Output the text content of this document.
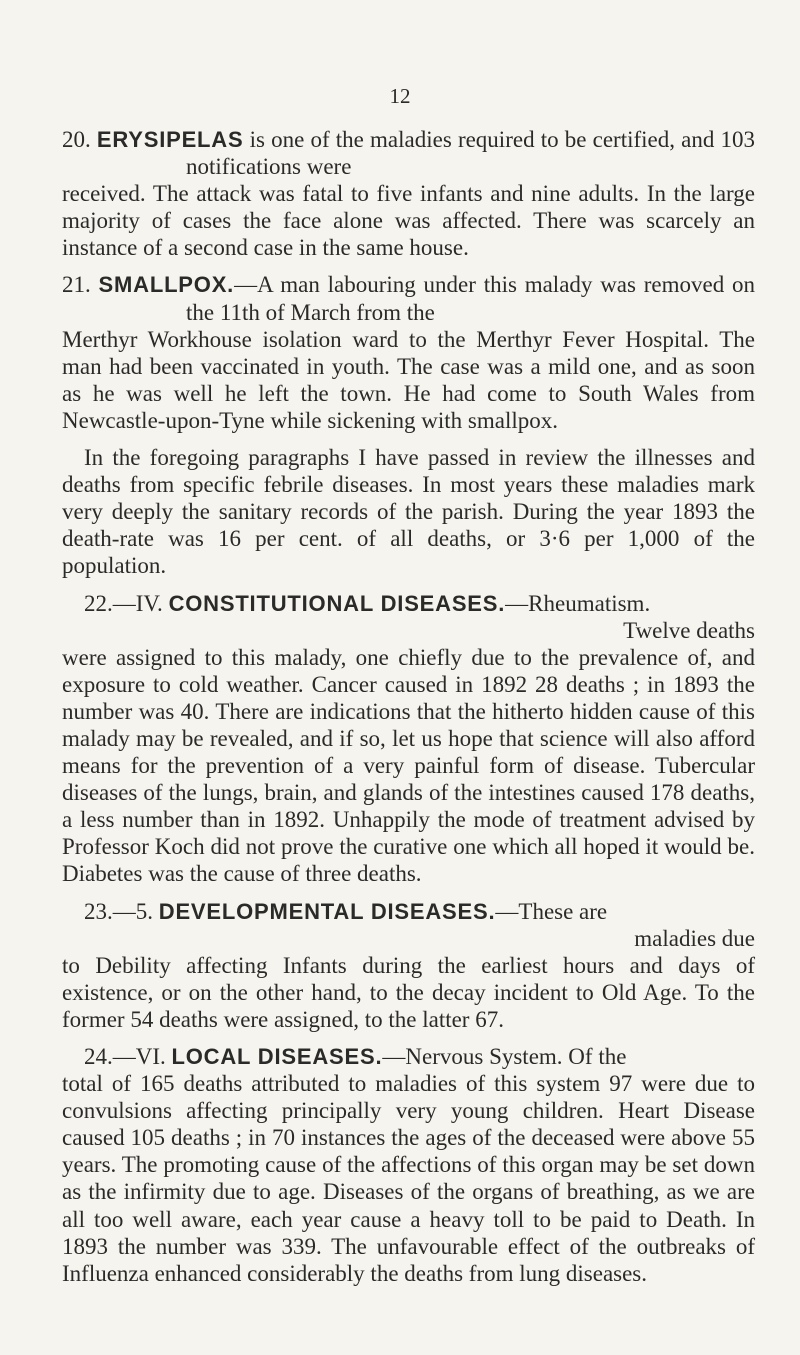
12

20. ERYSIPELAS is one of the maladies required to be certified, and 103 notifications were
received. The attack was fatal to five infants and nine adults. In the large majority of cases the face alone was affected. There was scarcely an instance of a second case in the same house.

21. SMALLPOX.—A man labouring under this malady was removed on the 11th of March from the
Merthyr Workhouse isolation ward to the Merthyr Fever Hospital. The man had been vaccinated in youth. The case was a mild one, and as soon as he was well he left the town. He had come to South Wales from Newcastle-upon-Tyne while sickening with smallpox.

In the foregoing paragraphs I have passed in review the illnesses and deaths from specific febrile diseases. In most years these maladies mark very deeply the sanitary records of the parish. During the year 1893 the death-rate was 16 per cent. of all deaths, or 3·6 per 1,000 of the population.

22.—IV. CONSTITUTIONAL DISEASES.—Rheumatism.
Twelve deaths
were assigned to this malady, one chiefly due to the prevalence of, and exposure to cold weather. Cancer caused in 1892 28 deaths ; in 1893 the number was 40. There are indications that the hitherto hidden cause of this malady may be revealed, and if so, let us hope that science will also afford means for the prevention of a very painful form of disease. Tubercular diseases of the lungs, brain, and glands of the intestines caused 178 deaths, a less number than in 1892. Unhappily the mode of treatment advised by Professor Koch did not prove the curative one which all hoped it would be. Diabetes was the cause of three deaths.

23.—5. DEVELOPMENTAL DISEASES.—These are
maladies due
to Debility affecting Infants during the earliest hours and days of existence, or on the other hand, to the decay incident to Old Age. To the former 54 deaths were assigned, to the latter 67.

24.—VI. LOCAL DISEASES.—Nervous System. Of the
total of 165 deaths attributed to maladies of this system 97 were due to convulsions affecting principally very young children. Heart Disease caused 105 deaths ; in 70 instances the ages of the deceased were above 55 years. The promoting cause of the affections of this organ may be set down as the infirmity due to age. Diseases of the organs of breathing, as we are all too well aware, each year cause a heavy toll to be paid to Death. In 1893 the number was 339. The unfavourable effect of the outbreaks of Influenza enhanced considerably the deaths from lung diseases.
